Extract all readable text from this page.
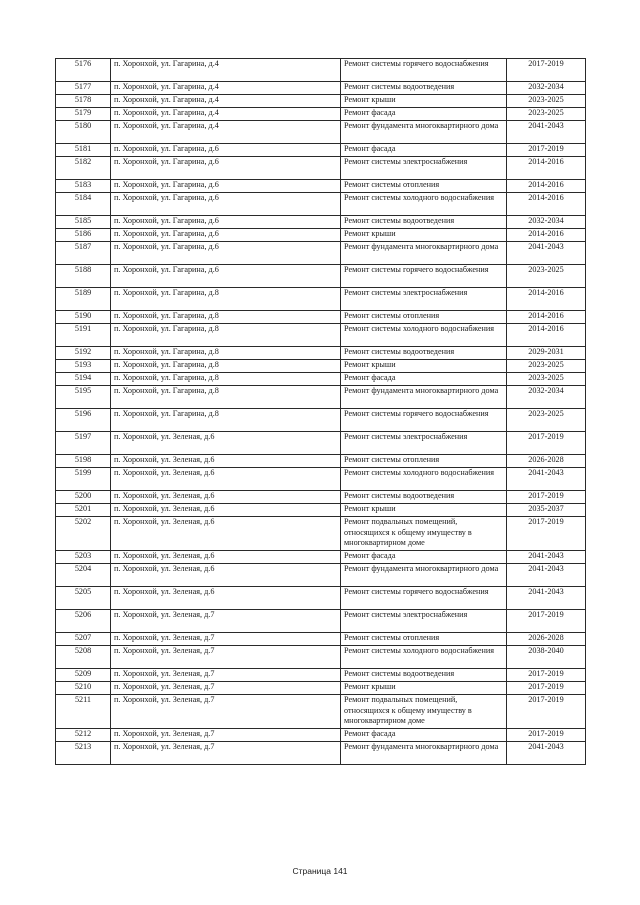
5176	п. Хоронхой, ул. Гагарина, д.4	Ремонт системы горячего водоснабжения	2017-2019
5177	п. Хоронхой, ул. Гагарина, д.4	Ремонт системы водоотведения	2032-2034
5178	п. Хоронхой, ул. Гагарина, д.4	Ремонт крыши	2023-2025
5179	п. Хоронхой, ул. Гагарина, д.4	Ремонт фасада	2023-2025
5180	п. Хоронхой, ул. Гагарина, д.4	Ремонт фундамента многоквартирного дома	2041-2043
5181	п. Хоронхой, ул. Гагарина, д.6	Ремонт фасада	2017-2019
5182	п. Хоронхой, ул. Гагарина, д.6	Ремонт системы электроснабжения	2014-2016
5183	п. Хоронхой, ул. Гагарина, д.6	Ремонт системы отопления	2014-2016
5184	п. Хоронхой, ул. Гагарина, д.6	Ремонт системы холодного водоснабжения	2014-2016
5185	п. Хоронхой, ул. Гагарина, д.6	Ремонт системы водоотведения	2032-2034
5186	п. Хоронхой, ул. Гагарина, д.6	Ремонт крыши	2014-2016
5187	п. Хоронхой, ул. Гагарина, д.6	Ремонт фундамента многоквартирного дома	2041-2043
5188	п. Хоронхой, ул. Гагарина, д.6	Ремонт системы горячего водоснабжения	2023-2025
5189	п. Хоронхой, ул. Гагарина, д.8	Ремонт системы электроснабжения	2014-2016
5190	п. Хоронхой, ул. Гагарина, д.8	Ремонт системы отопления	2014-2016
5191	п. Хоронхой, ул. Гагарина, д.8	Ремонт системы холодного водоснабжения	2014-2016
5192	п. Хоронхой, ул. Гагарина, д.8	Ремонт системы водоотведения	2029-2031
5193	п. Хоронхой, ул. Гагарина, д.8	Ремонт крыши	2023-2025
5194	п. Хоронхой, ул. Гагарина, д.8	Ремонт фасада	2023-2025
5195	п. Хоронхой, ул. Гагарина, д.8	Ремонт фундамента многоквартирного дома	2032-2034
5196	п. Хоронхой, ул. Гагарина, д.8	Ремонт системы горячего водоснабжения	2023-2025
5197	п. Хоронхой, ул. Зеленая, д.6	Ремонт системы электроснабжения	2017-2019
5198	п. Хоронхой, ул. Зеленая, д.6	Ремонт системы отопления	2026-2028
5199	п. Хоронхой, ул. Зеленая, д.6	Ремонт системы холодного водоснабжения	2041-2043
5200	п. Хоронхой, ул. Зеленая, д.6	Ремонт системы водоотведения	2017-2019
5201	п. Хоронхой, ул. Зеленая, д.6	Ремонт крыши	2035-2037
5202	п. Хоронхой, ул. Зеленая, д.6	Ремонт подвальных помещений, относящихся к общему имуществу в многоквартирном доме	2017-2019
5203	п. Хоронхой, ул. Зеленая, д.6	Ремонт фасада	2041-2043
5204	п. Хоронхой, ул. Зеленая, д.6	Ремонт фундамента многоквартирного дома	2041-2043
5205	п. Хоронхой, ул. Зеленая, д.6	Ремонт системы горячего водоснабжения	2041-2043
5206	п. Хоронхой, ул. Зеленая, д.7	Ремонт системы электроснабжения	2017-2019
5207	п. Хоронхой, ул. Зеленая, д.7	Ремонт системы отопления	2026-2028
5208	п. Хоронхой, ул. Зеленая, д.7	Ремонт системы холодного водоснабжения	2038-2040
5209	п. Хоронхой, ул. Зеленая, д.7	Ремонт системы водоотведения	2017-2019
5210	п. Хоронхой, ул. Зеленая, д.7	Ремонт крыши	2017-2019
5211	п. Хоронхой, ул. Зеленая, д.7	Ремонт подвальных помещений, относящихся к общему имуществу в многоквартирном доме	2017-2019
5212	п. Хоронхой, ул. Зеленая, д.7	Ремонт фасада	2017-2019
5213	п. Хоронхой, ул. Зеленая, д.7	Ремонт фундамента многоквартирного дома	2041-2043
Страница 141
